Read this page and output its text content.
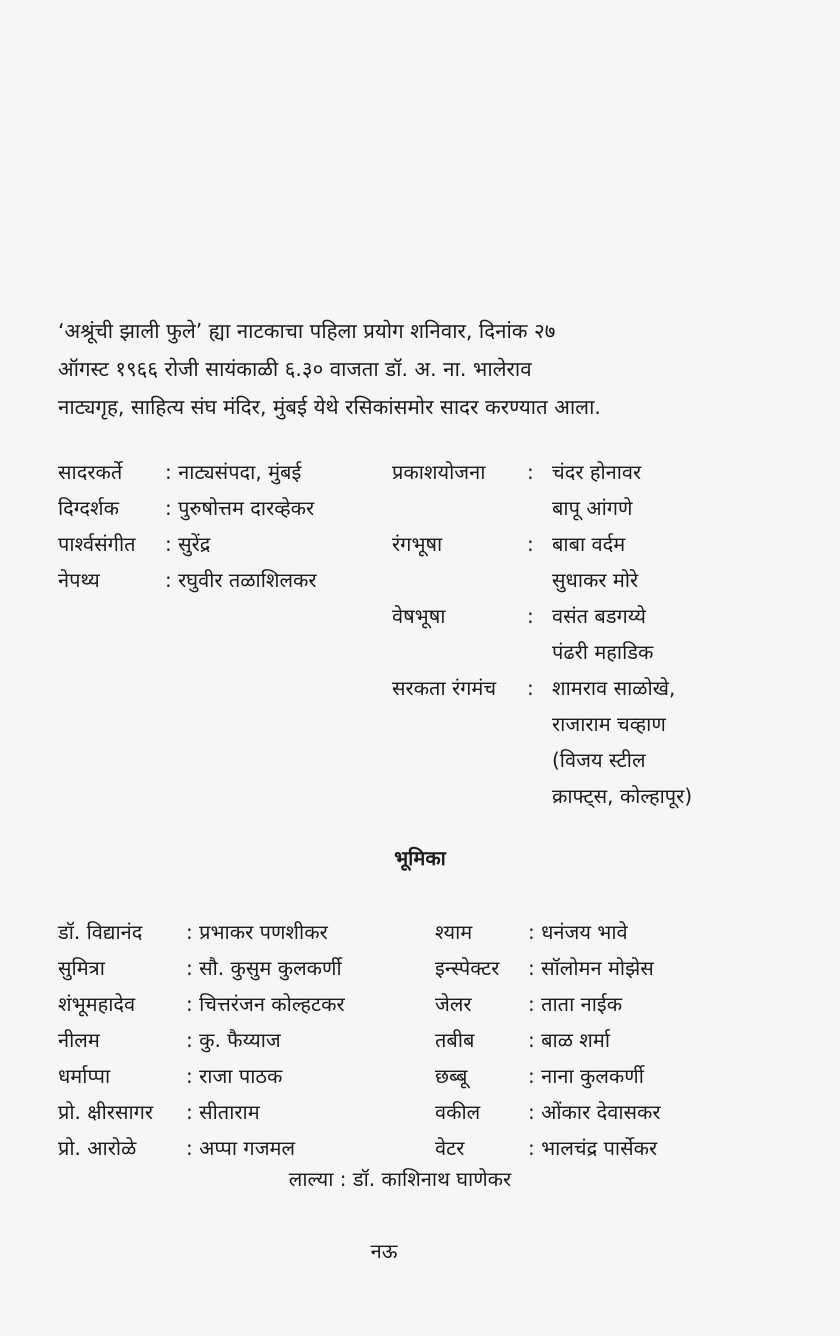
‘अश्रूंची झाली फुले’ ह्या नाटकाचा पहिला प्रयोग शनिवार, दिनांक २७
ऑगस्ट १९६६ रोजी सायंकाळी ६.३० वाजता डॉ. अ. ना. भालेराव
नाट्यगृह, साहित्य संघ मंदिर, मुंबई येथे रसिकांसमोर सादर करण्यात आला.

सादरकर्ते : नाट्यसंपदा, मुंबई
दिग्दर्शक : पुरुषोत्तम दारव्हेकर
पार्श्वसंगीत : सुरेंद्र
नेपथ्य	: रघुवीर तळाशिलकर
प्रकाशयोजना : चंदर होनावर
बापू आंगणे
रंगभूषा	: बाबा वर्दम
सुधाकर मोरे
वेषभूषा	: वसंत बडगय्ये
पंढरी महाडिक
सरकता रंगमंच : शामराव साळोखे,
राजाराम चव्हाण
(विजय स्टील
क्राफ्ट्स, कोल्हापूर)
भूमिका
डॉ. विद्यानंद : प्रभाकर पणशीकर
सुमित्रा	: सौ. कुसुम कुलकर्णी
शंभूमहादेव	: चित्तरंजन कोल्हटकर
नीलम	: कु. फैय्याज
धर्माप्पा	: राजा पाठक
प्रो. क्षीरसागर : सीताराम
प्रो. आरोळे : अप्पा गजमल
श्याम	: धनंजय भावे
इन्स्पेक्टर : सॉलोमन मोझेस
जेलर	: ताता नाईक
तबीब	: बाळ शर्मा
छब्बू	: नाना कुलकर्णी
वकील : ओंकार देवासकर
वेटर	: भालचंद्र पार्सेकर
लाल्या : डॉ. काशिनाथ घाणेकर
नऊ
